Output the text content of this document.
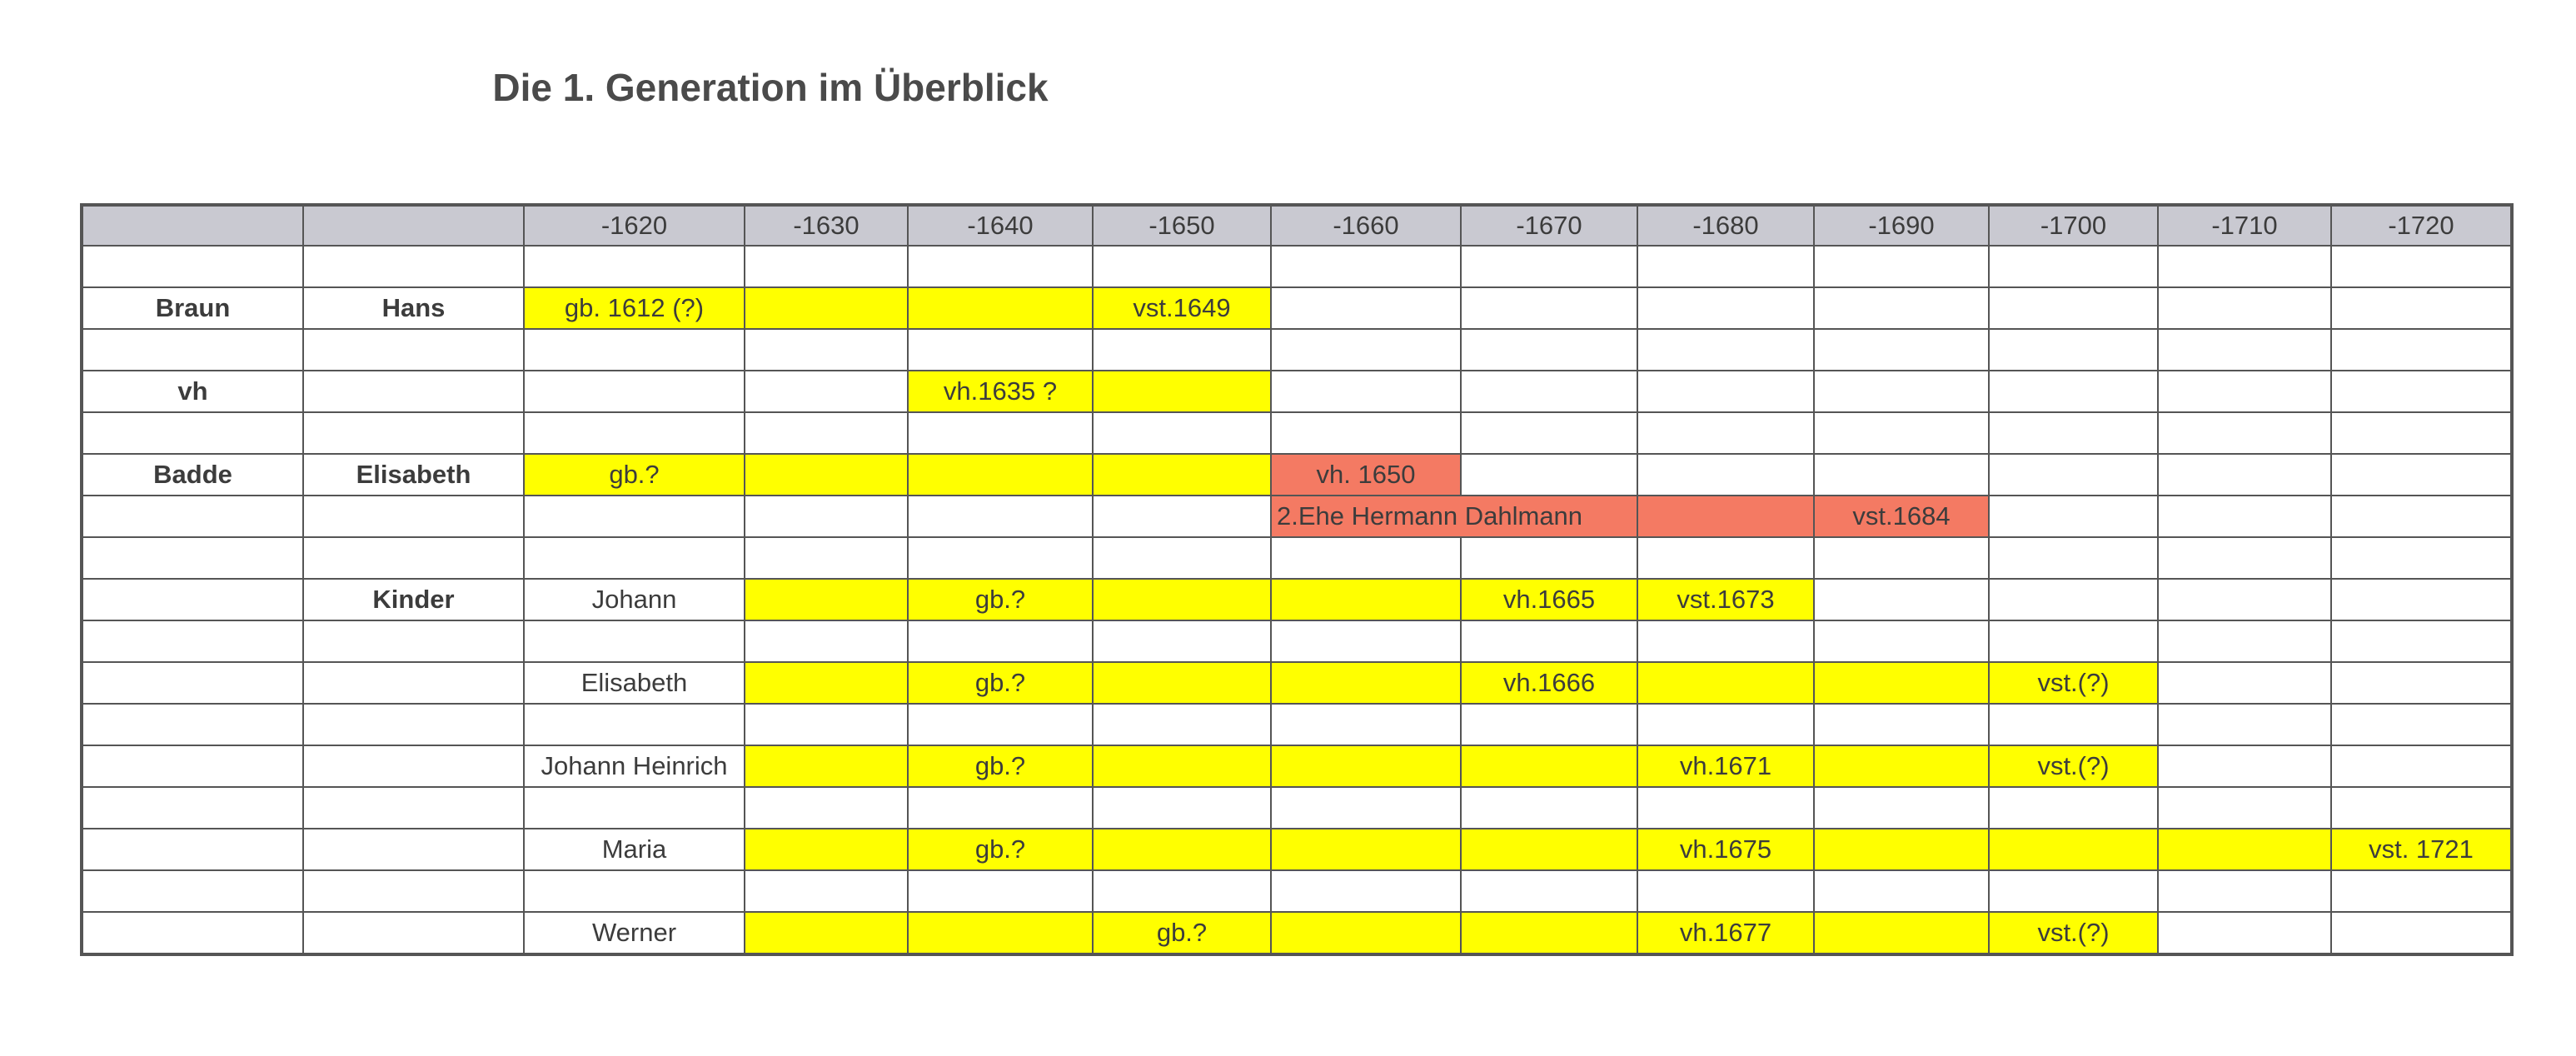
Die 1. Generation im Überblick
		-1620	-1630	-1640	-1650	-1660	-1670	-1680	-1690	-1700	-1710	-1720

Braun	Hans	gb. 1612 (?)			vst.1649							

vh				vh.1635 ?								

Badde	Elisabeth	gb.?				vh. 1650						
						2.Ehe Hermann Dahlmann			vst.1684			

	Kinder	Johann		gb.?			vh.1665	vst.1673				

		Elisabeth		gb.?			vh.1666			vst.(?)		

		Johann Heinrich		gb.?				vh.1671		vst.(?)		

		Maria		gb.?				vh.1675				vst. 1721

		Werner			gb.?			vh.1677		vst.(?)		
